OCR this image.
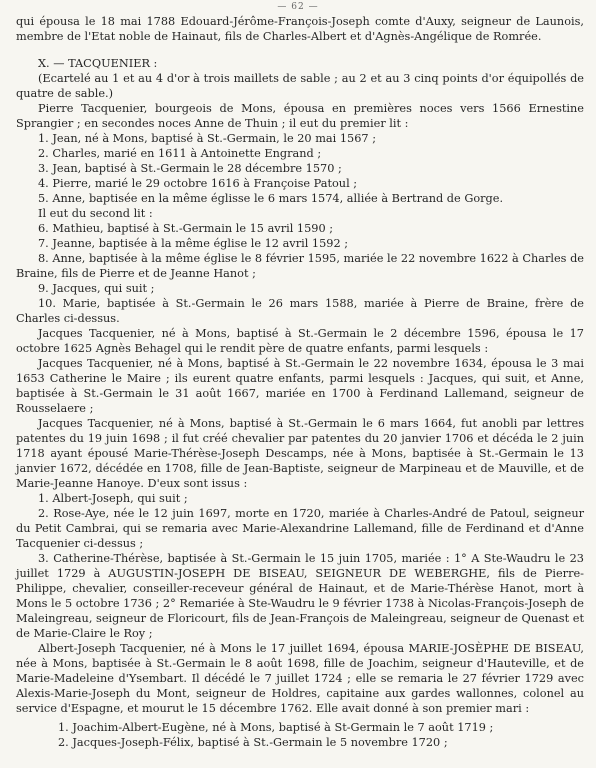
— 62 —
qui épousa le 18 mai 1788 Edouard-Jérôme-François-Joseph comte d'Auxy, seigneur de Launois, membre de l'Etat noble de Hainaut, fils de Charles-Albert et d'Agnès-Angélique de Romrée.
X. — TACQUENIER :
(Ecartelé au 1 et au 4 d'or à trois maillets de sable ; au 2 et au 3 cinq points d'or équipollés de quatre de sable.)
Pierre Tacquenier, bourgeois de Mons, épousa en premières noces vers 1566 Ernestine Sprangier ; en secondes noces Anne de Thuin ; il eut du premier lit :
1. Jean, né à Mons, baptisé à St.-Germain, le 20 mai 1567 ;
2. Charles, marié en 1611 à Antoinette Engrand ;
3. Jean, baptisé à St.-Germain le 28 décembre 1570 ;
4. Pierre, marié le 29 octobre 1616 à Françoise Patoul ;
5. Anne, baptisée en la même églisse le 6 mars 1574, alliée à Bertrand de Gorge.
Il eut du second lit :
6. Mathieu, baptisé à St.-Germain le 15 avril 1590 ;
7. Jeanne, baptisée à la même église le 12 avril 1592 ;
8. Anne, baptisée à la même église le 8 février 1595, mariée le 22 novembre 1622 à Charles de Braine, fils de Pierre et de Jeanne Hanot ;
9. Jacques, qui suit ;
10. Marie, baptisée à St.-Germain le 26 mars 1588, mariée à Pierre de Braine, frère de Charles ci-dessus.
Jacques Tacquenier, né à Mons, baptisé à St.-Germain le 2 décembre 1596, épousa le 17 octobre 1625 Agnès Behagel qui le rendit père de quatre enfants, parmi lesquels :
Jacques Tacquenier, né à Mons, baptisé à St.-Germain le 22 novembre 1634, épousa le 3 mai 1653 Catherine le Maire ; ils eurent quatre enfants, parmi lesquels : Jacques, qui suit, et Anne, baptisée à St.-Germain le 31 août 1667, mariée en 1700 à Ferdinand Lallemand, seigneur de Rousselaere ;
Jacques Tacquenier, né à Mons, baptisé à St.-Germain le 6 mars 1664, fut anobli par lettres patentes du 19 juin 1698 ; il fut créé chevalier par patentes du 20 janvier 1706 et décéda le 2 juin 1718 ayant épousé Marie-Thérèse-Joseph Descamps, née à Mons, baptisée à St.-Germain le 13 janvier 1672, décédée en 1708, fille de Jean-Baptiste, seigneur de Marpineau et de Mauville, et de Marie-Jeanne Hanoye. D'eux sont issus :
1. Albert-Joseph, qui suit ;
2. Rose-Aye, née le 12 juin 1697, morte en 1720, mariée à Charles-André de Patoul, seigneur du Petit Cambrai, qui se remaria avec Marie-Alexandrine Lallemand, fille de Ferdinand et d'Anne Tacquenier ci-dessus ;
3. Catherine-Thérèse, baptisée à St.-Germain le 15 juin 1705, mariée : 1° A Ste-Waudru le 23 juillet 1729 à AUGUSTIN-JOSEPH DE BISEAU, SEIGNEUR DE WEBERGHE, fils de Pierre-Philippe, chevalier, conseiller-receveur général de Hainaut, et de Marie-Thérèse Hanot, mort à Mons le 5 octobre 1736 ; 2° Remariée à Ste-Waudru le 9 février 1738 à Nicolas-François-Joseph de Maleingreau, seigneur de Floricourt, fils de Jean-François de Maleingreau, seigneur de Quenast et de Marie-Claire le Roy ;
Albert-Joseph Tacquenier, né à Mons le 17 juillet 1694, épousa MARIE-JOSÈPHE DE BISEAU, née à Mons, baptisée à St.-Germain le 8 août 1698, fille de Joachim, seigneur d'Hauteville, et de Marie-Madeleine d'Ysembart. Il décédé le 7 juillet 1724 ; elle se remaria le 27 février 1729 avec Alexis-Marie-Joseph du Mont, seigneur de Holdres, capitaine aux gardes wallonnes, colonel au service d'Espagne, et mourut le 15 décembre 1762. Elle avait donné à son premier mari :
1. Joachim-Albert-Eugène, né à Mons, baptisé à St-Germain le 7 août 1719 ;
2. Jacques-Joseph-Félix, baptisé à St.-Germain le 5 novembre 1720 ;
